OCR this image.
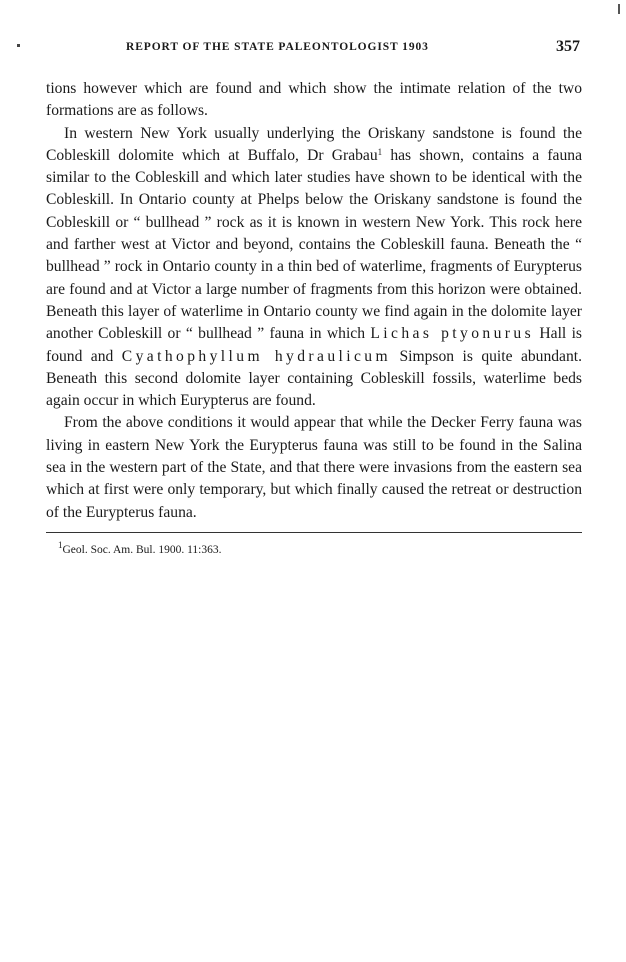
REPORT OF THE STATE PALEONTOLOGIST 1903	357

tions however which are found and which show the intimate relation of the two formations are as follows.

In western New York usually underlying the Oriskany sandstone is found the Cobleskill dolomite which at Buffalo, Dr Grabau$^1$ has shown, contains a fauna similar to the Cobleskill and which later studies have shown to be identical with the Cobleskill. In Ontario county at Phelps below the Oriskany sandstone is found the Cobleskill or “ bullhead ” rock as it is known in western New York. This rock here and farther west at Victor and beyond, contains the Cobleskill fauna. Beneath the “ bullhead ” rock in Ontario county in a thin bed of waterlime, fragments of Eurypterus are found and at Victor a large number of fragments from this horizon were obtained. Beneath this layer of waterlime in Ontario county we find again in the dolomite layer another Cobleskill or “ bullhead ” fauna in which Lichas ptyonurus Hall is found and Cyathophyllum hydraulicum Simpson is quite abundant. Beneath this second dolomite layer containing Cobleskill fossils, waterlime beds again occur in which Eurypterus are found.

From the above conditions it would appear that while the Decker Ferry fauna was living in eastern New York the Eurypterus fauna was still to be found in the Salina sea in the western part of the State, and that there were invasions from the eastern sea which at first were only temporary, but which finally caused the retreat or destruction of the Eurypterus fauna.

$^1$Geol. Soc. Am. Bul. 1900. 11:363.
